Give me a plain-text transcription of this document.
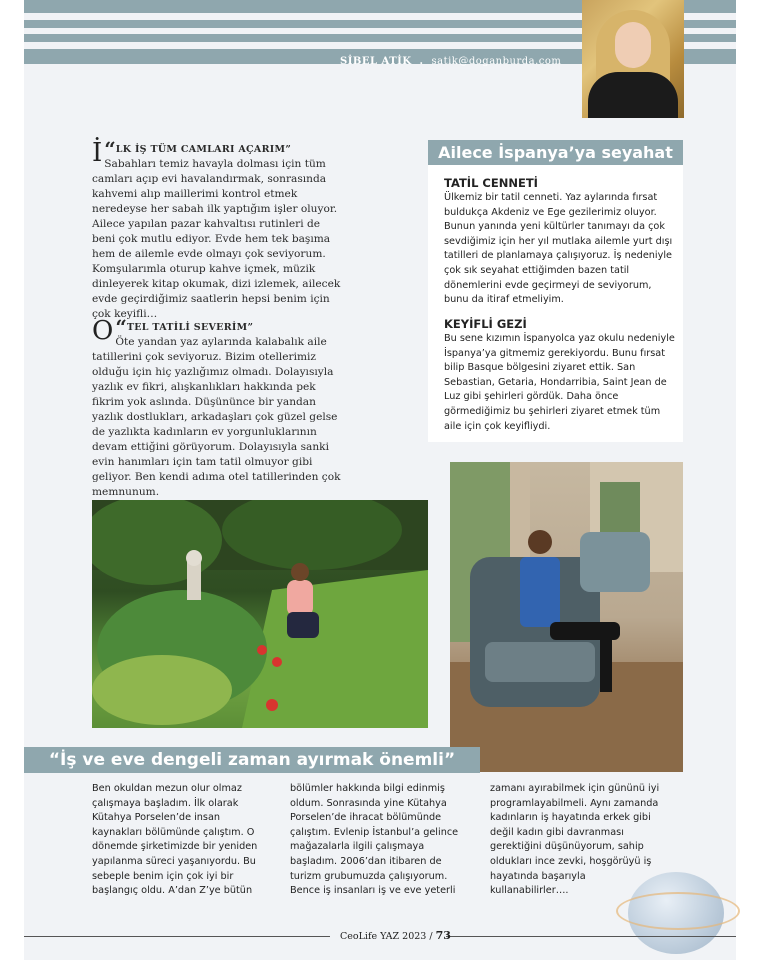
SİBEL ATİK . satik@doganburda.com
“
İ LK İŞ TÜM CAMLARI AÇARIM”
Sabahları temiz havayla dolması için tüm camları açıp evi havalandırmak, sonrasında kahvemi alıp maillerimi kontrol etmek neredeyse her sabah ilk yaptığım işler oluyor. Ailece yapılan pazar kahvaltısı rutinleri de beni çok mutlu ediyor. Evde hem tek başıma hem de ailemle evde olmayı çok seviyorum. Komşularımla oturup kahve içmek, müzik dinleyerek kitap okumak, dizi izlemek, ailecek evde geçirdiğimiz saatlerin hepsi benim için çok keyifli…
“
O TEL TATİLİ SEVERİM”
Öte yandan yaz aylarında kalabalık aile tatillerini çok seviyoruz. Bizim otellerimiz olduğu için hiç yazlığımız olmadı. Dolayısıyla yazlık ev fikri, alışkanlıkları hakkında pek fikrim yok aslında. Düşününce bir yandan yazlık dostlukları, arkadaşları çok güzel gelse de yazlıkta kadınların ev yorgunluklarının devam ettiğini görüyorum. Dolayısıyla sanki evin hanımları için tam tatil olmuyor gibi geliyor. Ben kendi adıma otel tatillerinden çok memnunum.
Ailece İspanya’ya seyahat
TATİL CENNETİ
Ülkemiz bir tatil cenneti. Yaz aylarında fırsat buldukça Akdeniz ve Ege gezilerimiz oluyor. Bunun yanında yeni kültürler tanımayı da çok sevdiğimiz için her yıl mutlaka ailemle yurt dışı tatilleri de planlamaya çalışıyoruz. İş nedeniyle çok sık seyahat ettiğimden bazen tatil dönemlerini evde geçirmeyi de seviyorum, bunu da itiraf etmeliyim.
KEYİFLİ GEZİ
Bu sene kızımın İspanyolca yaz okulu nedeniyle İspanya’ya gitmemiz gerekiyordu. Bunu fırsat bilip Basque bölgesini ziyaret ettik. San Sebastian, Getaria, Hondarribia, Saint Jean de Luz gibi şehirleri gördük. Daha önce görmediğimiz bu şehirleri ziyaret etmek tüm aile için çok keyifliydi.
“İş ve eve dengeli zaman ayırmak önemli”
Ben okuldan mezun olur olmaz çalışmaya başladım. İlk olarak Kütahya Porselen’de insan kaynakları bölümünde çalıştım. O dönemde şirketimizde bir yeniden yapılanma süreci yaşanıyordu. Bu sebeple benim için çok iyi bir başlangıç oldu. A’dan Z’ye bütün
bölümler hakkında bilgi edinmiş oldum. Sonrasında yine Kütahya Porselen’de ihracat bölümünde çalıştım. Evlenip İstanbul’a gelince mağazalarla ilgili çalışmaya başladım. 2006’dan itibaren de turizm grubumuzda çalışıyorum. Bence iş insanları iş ve eve yeterli
zamanı ayırabilmek için gününü iyi programlayabilmeli. Aynı zamanda kadınların iş hayatında erkek gibi değil kadın gibi davranması gerektiğini düşünüyorum, sahip oldukları ince zevki, hoşgörüyü iş hayatında başarıyla kullanabilirler….
CeoLife YAZ 2023 / 73
